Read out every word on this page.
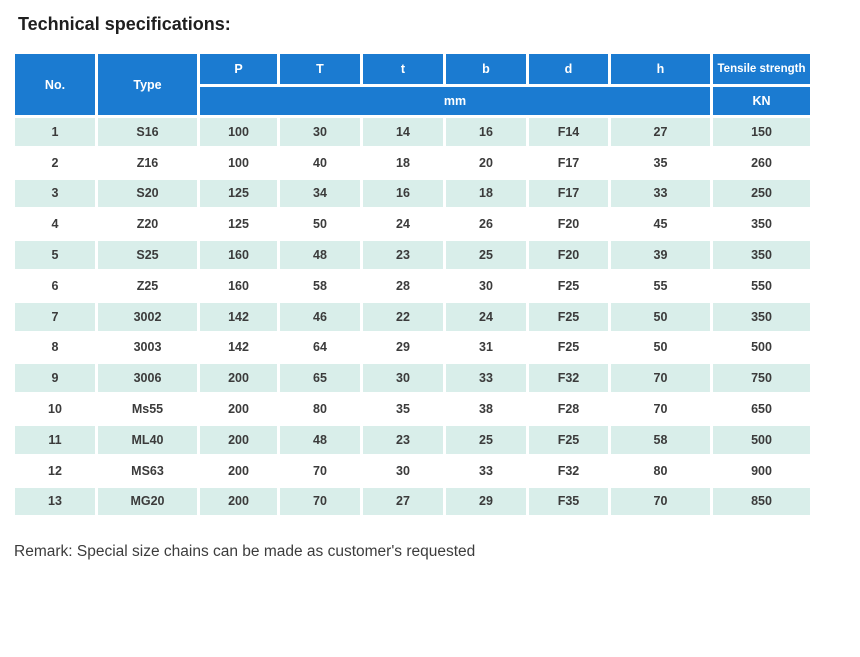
Technical specifications:
No.	Type	P	T	t	b	d	h	Tensile strength
		mm						KN
1	S16	100	30	14	16	F14	27	150
2	Z16	100	40	18	20	F17	35	260
3	S20	125	34	16	18	F17	33	250
4	Z20	125	50	24	26	F20	45	350
5	S25	160	48	23	25	F20	39	350
6	Z25	160	58	28	30	F25	55	550
7	3002	142	46	22	24	F25	50	350
8	3003	142	64	29	31	F25	50	500
9	3006	200	65	30	33	F32	70	750
10	Ms55	200	80	35	38	F28	70	650
11	ML40	200	48	23	25	F25	58	500
12	MS63	200	70	30	33	F32	80	900
13	MG20	200	70	27	29	F35	70	850

Remark: Special size chains can be made as customer's requested
